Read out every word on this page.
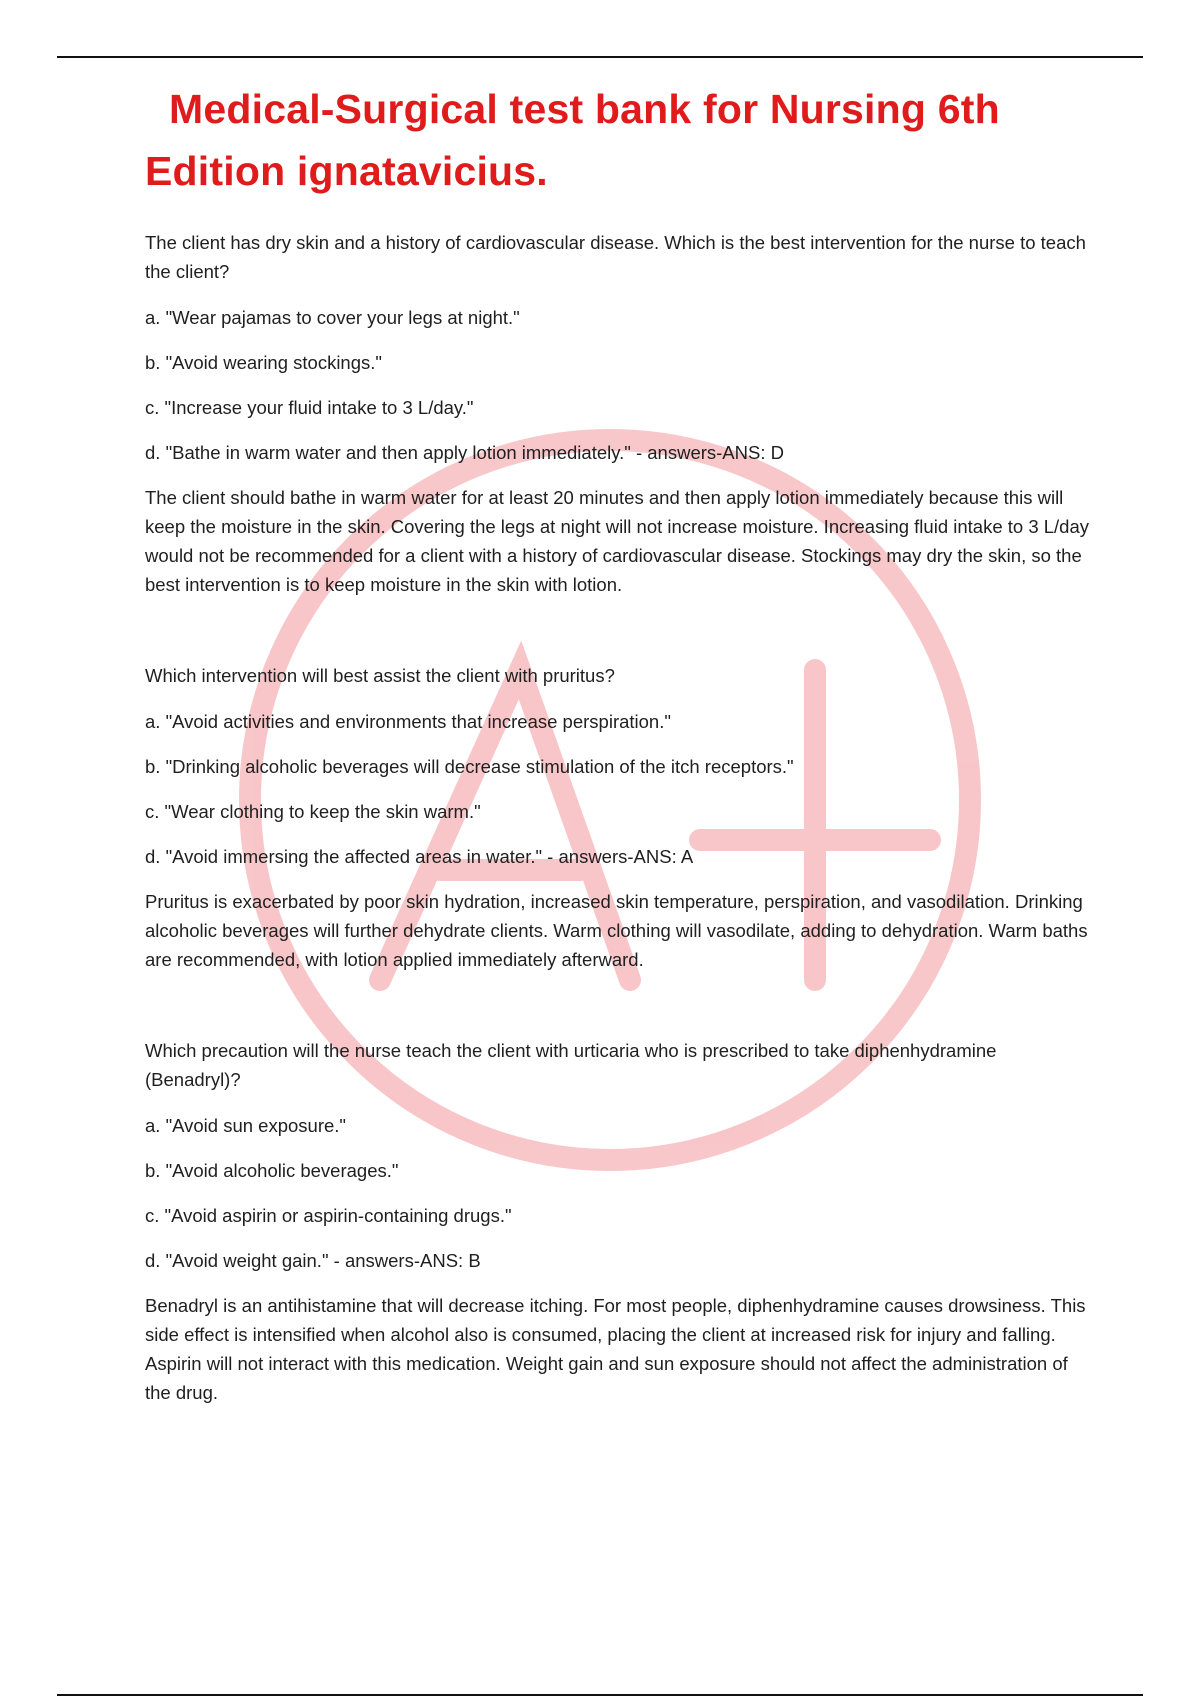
Medical-Surgical test bank for Nursing 6th Edition ignatavicius.

The client has dry skin and a history of cardiovascular disease. Which is the best intervention for the nurse to teach the client?

a. "Wear pajamas to cover your legs at night."

b. "Avoid wearing stockings."

c. "Increase your fluid intake to 3 L/day."

d. "Bathe in warm water and then apply lotion immediately." - answers-ANS: D

The client should bathe in warm water for at least 20 minutes and then apply lotion immediately because this will keep the moisture in the skin. Covering the legs at night will not increase moisture. Increasing fluid intake to 3 L/day would not be recommended for a client with a history of cardiovascular disease. Stockings may dry the skin, so the best intervention is to keep moisture in the skin with lotion.

Which intervention will best assist the client with pruritus?

a. "Avoid activities and environments that increase perspiration."

b. "Drinking alcoholic beverages will decrease stimulation of the itch receptors."

c. "Wear clothing to keep the skin warm."

d. "Avoid immersing the affected areas in water." - answers-ANS: A

Pruritus is exacerbated by poor skin hydration, increased skin temperature, perspiration, and vasodilation. Drinking alcoholic beverages will further dehydrate clients. Warm clothing will vasodilate, adding to dehydration. Warm baths are recommended, with lotion applied immediately afterward.

Which precaution will the nurse teach the client with urticaria who is prescribed to take diphenhydramine (Benadryl)?

a. "Avoid sun exposure."

b. "Avoid alcoholic beverages."

c. "Avoid aspirin or aspirin-containing drugs."

d. "Avoid weight gain." - answers-ANS: B

Benadryl is an antihistamine that will decrease itching. For most people, diphenhydramine causes drowsiness. This side effect is intensified when alcohol also is consumed, placing the client at increased risk for injury and falling. Aspirin will not interact with this medication. Weight gain and sun exposure should not affect the administration of the drug.
